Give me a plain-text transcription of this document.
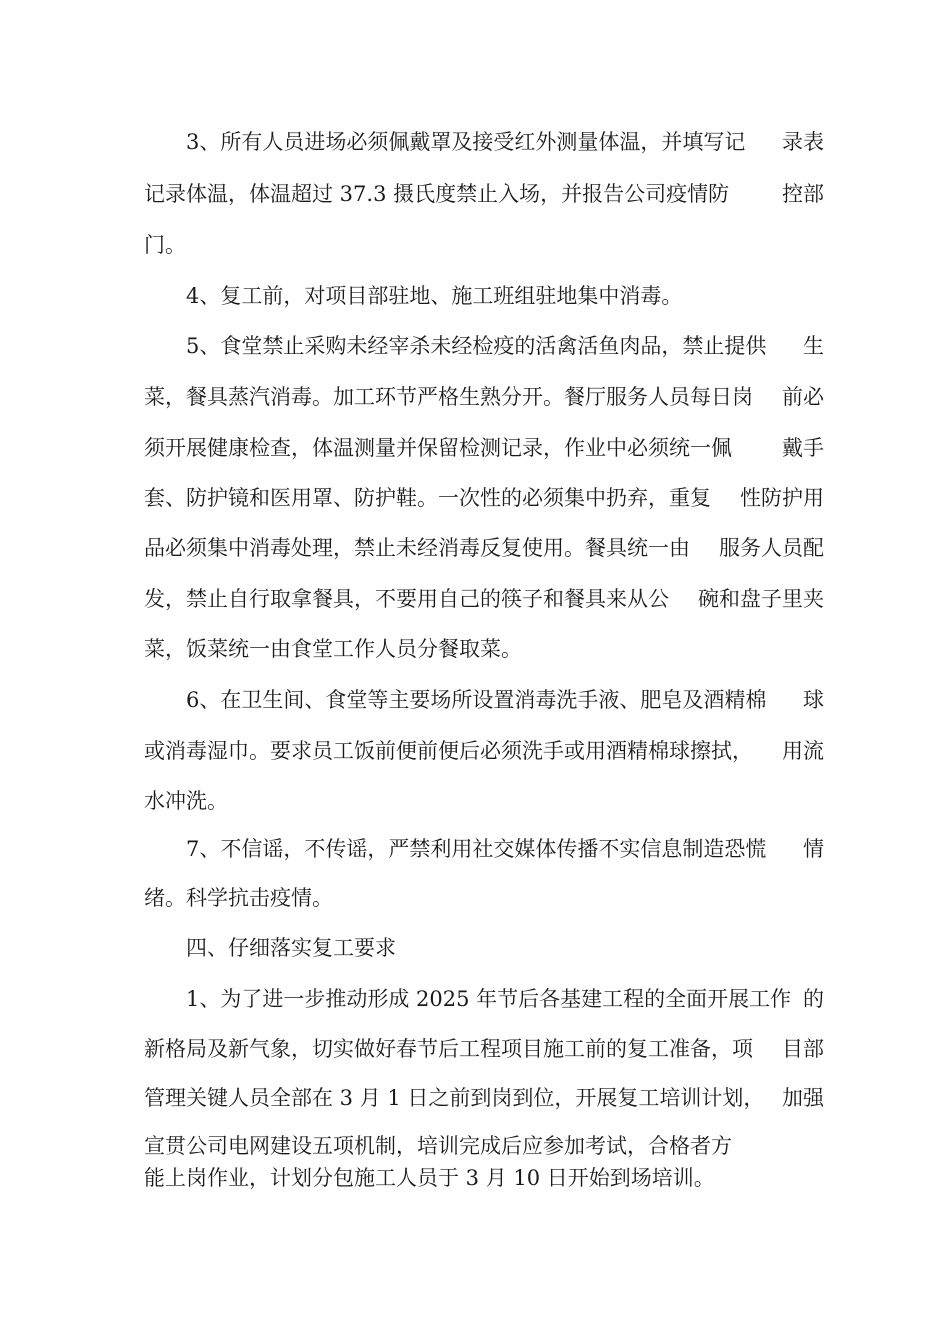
3、所有人员进场必须佩戴罩及接受红外测量体温，并填写记 录表
记录体温，体温超过 37.3 摄氏度禁止入场，并报告公司疫情防	控部
门。
4、复工前，对项目部驻地、施工班组驻地集中消毒。
5、食堂禁止采购未经宰杀未经检疫的活禽活鱼肉品，禁止提供 生
菜，餐具蒸汽消毒。加工环节严格生熟分开。餐厅服务人员每日岗 前必
须开展健康检查，体温测量并保留检测记录，作业中必须统一佩 戴手
套、防护镜和医用罩、防护鞋。一次性的必须集中扔弃，重复 性防护用
品必须集中消毒处理，禁止未经消毒反复使用。餐具统一由 服务人员配
发，禁止自行取拿餐具，不要用自己的筷子和餐具来从公 碗和盘子里夹
菜，饭菜统一由食堂工作人员分餐取菜。
6、在卫生间、食堂等主要场所设置消毒洗手液、肥皂及酒精棉 球
或消毒湿巾。要求员工饭前便前便后必须洗手或用酒精棉球擦拭， 用流
水冲洗。
7、不信谣，不传谣，严禁利用社交媒体传播不实信息制造恐慌 情
绪。科学抗击疫情。
四、仔细落实复工要求
1、为了进一步推动形成 2025 年节后各基建工程的全面开展工作 的
新格局及新气象，切实做好春节后工程项目施工前的复工准备，项 目部
管理关键人员全部在 3 月 1 日之前到岗到位，开展复工培训计划， 加强
宣贯公司电网建设五项机制，培训完成后应参加考试，合格者方
能上岗作业，计划分包施工人员于 3 月 10 日开始到场培训。
